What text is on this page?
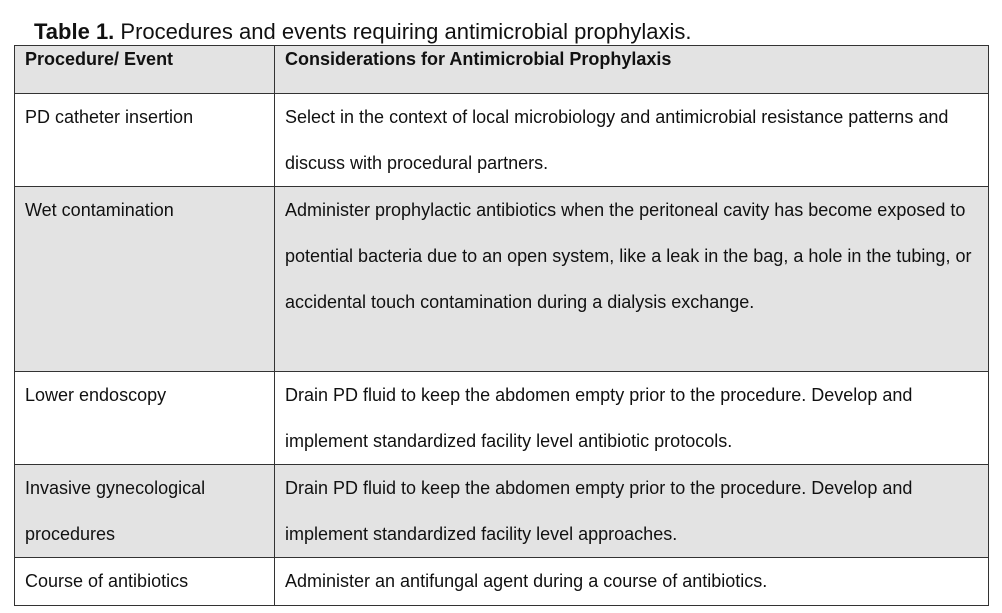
Table 1. Procedures and events requiring antimicrobial prophylaxis.
Procedure/ Event	Considerations for Antimicrobial Prophylaxis
PD catheter insertion	Select in the context of local microbiology and antimicrobial resistance patterns and discuss with procedural partners.
Wet contamination	Administer prophylactic antibiotics when the peritoneal cavity has become exposed to potential bacteria due to an open system, like a leak in the bag, a hole in the tubing, or accidental touch contamination during a dialysis exchange.
Lower endoscopy	Drain PD fluid to keep the abdomen empty prior to the procedure. Develop and implement standardized facility level antibiotic protocols.
Invasive gynecological procedures	Drain PD fluid to keep the abdomen empty prior to the procedure. Develop and implement standardized facility level approaches.
Course of antibiotics	Administer an antifungal agent during a course of antibiotics.
